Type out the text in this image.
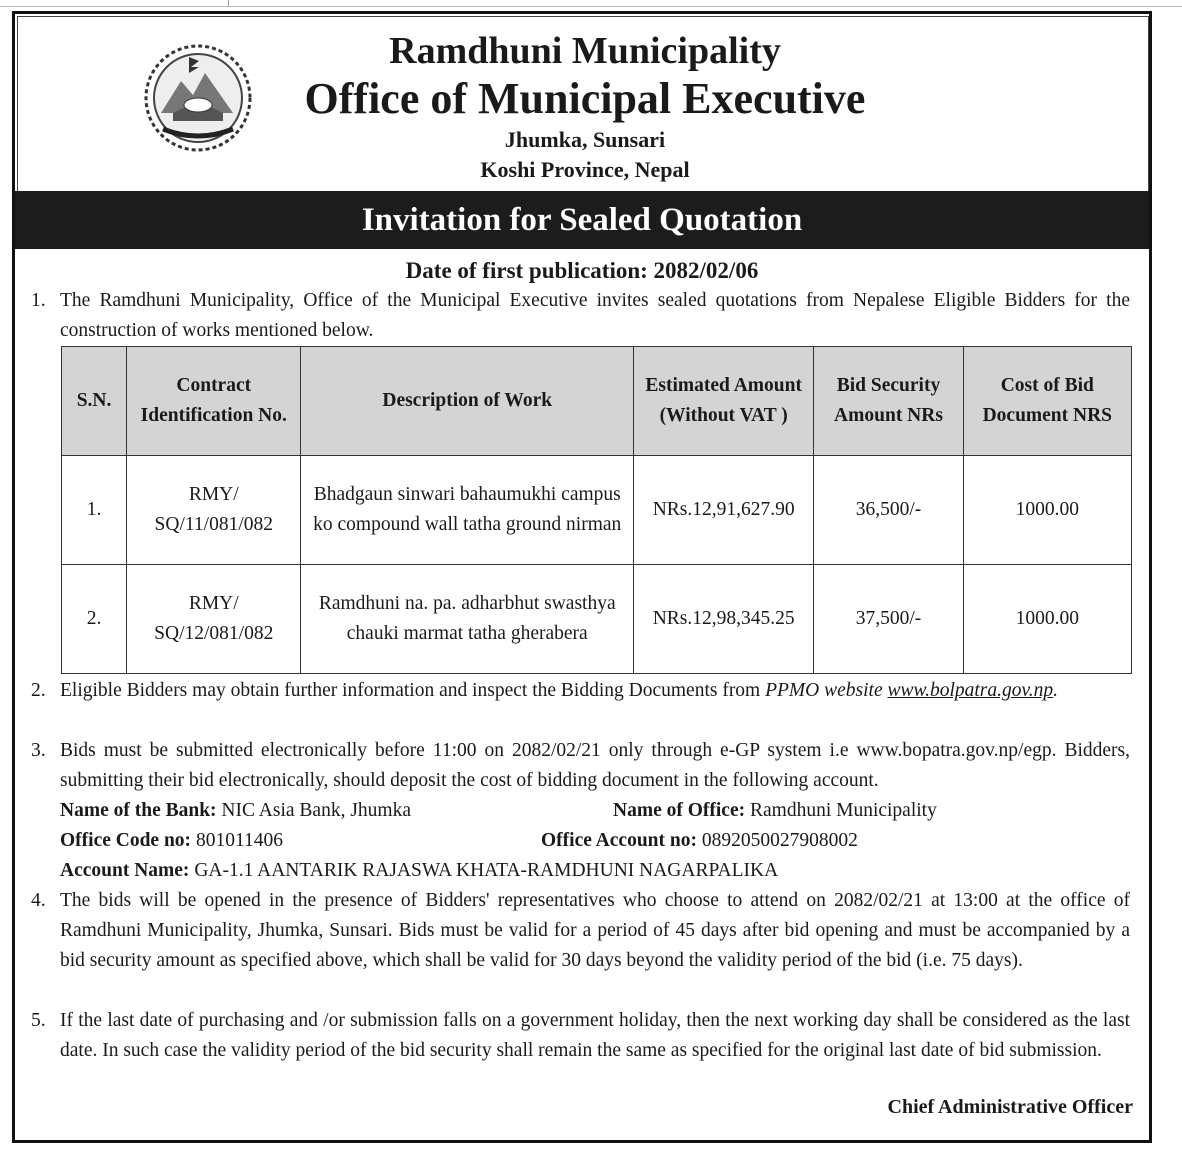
Ramdhuni Municipality
Office of Municipal Executive
Jhumka, Sunsari
Koshi Province, Nepal
Invitation for Sealed Quotation
Date of first publication: 2082/02/06
1. The Ramdhuni Municipality, Office of the Municipal Executive invites sealed quotations from Nepalese Eligible Bidders for the construction of works mentioned below.
S.N.	Contract Identification No.	Description of Work	Estimated Amount (Without VAT )	Bid Security Amount NRs	Cost of Bid Document NRS
1.	RMY/ SQ/11/081/082	Bhadgaun sinwari bahaumukhi campus ko compound wall tatha ground nirman	NRs.12,91,627.90	36,500/-	1000.00
2.	RMY/ SQ/12/081/082	Ramdhuni na. pa. adharbhut swasthya chauki marmat tatha gherabera	NRs.12,98,345.25	37,500/-	1000.00
2. Eligible Bidders may obtain further information and inspect the Bidding Documents from PPMO website www.bolpatra.gov.np.
3. Bids must be submitted electronically before 11:00 on 2082/02/21 only through e-GP system i.e www.bopatra.gov.np/egp. Bidders, submitting their bid electronically, should deposit the cost of bidding document in the following account.
Name of the Bank: NIC Asia Bank, Jhumka	Name of Office: Ramdhuni Municipality
Office Code no: 801011406	Office Account no: 0892050027908002
Account Name: GA-1.1 AANTARIK RAJASWA KHATA-RAMDHUNI NAGARPALIKA
4. The bids will be opened in the presence of Bidders' representatives who choose to attend on 2082/02/21 at 13:00 at the office of Ramdhuni Municipality, Jhumka, Sunsari. Bids must be valid for a period of 45 days after bid opening and must be accompanied by a bid security amount as specified above, which shall be valid for 30 days beyond the validity period of the bid (i.e. 75 days).
5. If the last date of purchasing and /or submission falls on a government holiday, then the next working day shall be considered as the last date. In such case the validity period of the bid security shall remain the same as specified for the original last date of bid submission.
Chief Administrative Officer
